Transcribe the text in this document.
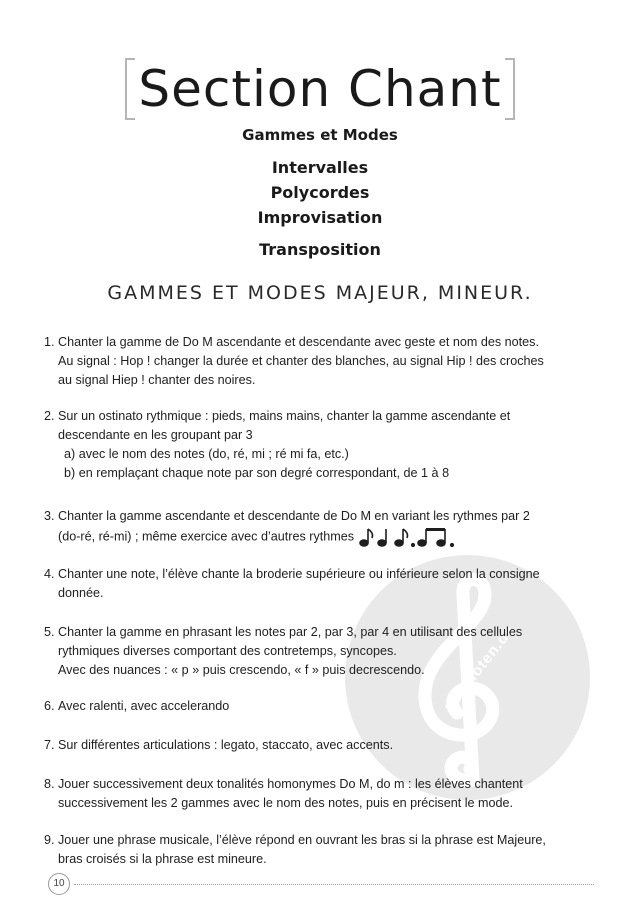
alle-noten.de
Section Chant
Gammes et Modes
Intervalles
Polycordes
Improvisation
Transposition
GAMMES ET MODES MAJEUR, MINEUR.
1. Chanter la gamme de Do M ascendante et descendante avec geste et nom des notes.
Au signal : Hop ! changer la durée et chanter des blanches, au signal Hip ! des croches
au signal Hiep ! chanter des noires.
2. Sur un ostinato rythmique : pieds, mains mains, chanter la gamme ascendante et
descendante en les groupant par 3
a) avec le nom des notes (do, ré, mi ; ré mi fa, etc.)
b) en remplaçant chaque note par son degré correspondant, de 1 à 8
3. Chanter la gamme ascendante et descendante de Do M en variant les rythmes par 2
(do-ré, ré-mi) ; même exercice avec d’autres rythmes
4. Chanter une note, l’élève chante la broderie supérieure ou inférieure selon la consigne
donnée.
5. Chanter la gamme en phrasant les notes par 2, par 3, par 4 en utilisant des cellules
rythmiques diverses comportant des contretemps, syncopes.
Avec des nuances : « p » puis crescendo, « f » puis decrescendo.
6. Avec ralenti, avec accelerando
7. Sur différentes articulations : legato, staccato, avec accents.
8. Jouer successivement deux tonalités homonymes Do M, do m : les élèves chantent
successivement les 2 gammes avec le nom des notes, puis en précisent le mode.
9. Jouer une phrase musicale, l’élève répond en ouvrant les bras si la phrase est Majeure,
bras croisés si la phrase est mineure.
10
